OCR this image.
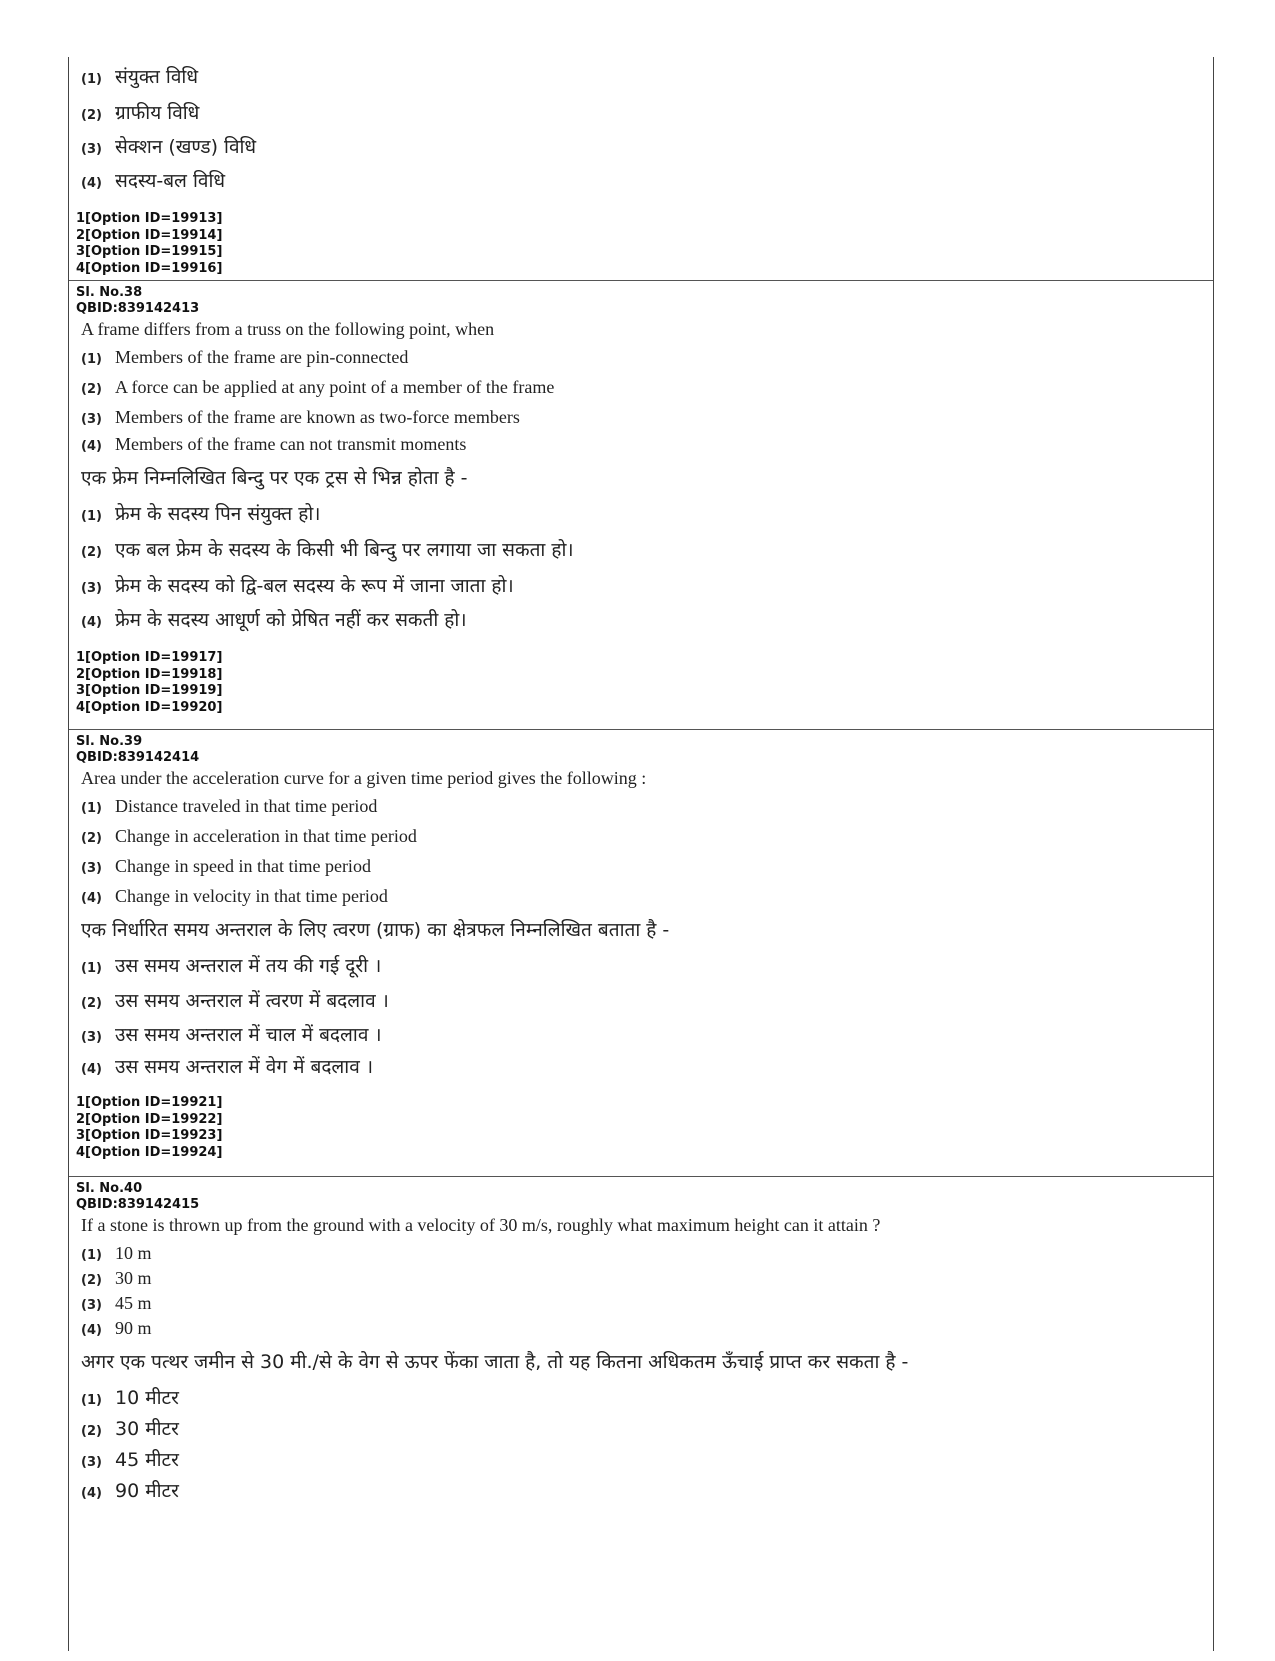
(1) संयुक्त विधि
(2) ग्राफीय विधि
(3) सेक्शन (खण्ड) विधि
(4) सदस्य-बल विधि
1[Option ID=19913]
2[Option ID=19914]
3[Option ID=19915]
4[Option ID=19916]
Sl. No.38
QBID:839142413
A frame differs from a truss on the following point, when
(1) Members of the frame are pin-connected
(2) A force can be applied at any point of a member of the frame
(3) Members of the frame are known as two-force members
(4) Members of the frame can not transmit moments
एक फ्रेम निम्नलिखित बिन्दु पर एक ट्रस से भिन्न होता है -
(1) फ्रेम के सदस्य पिन संयुक्त हो।
(2) एक बल फ्रेम के सदस्य के किसी भी बिन्दु पर लगाया जा सकता हो।
(3) फ्रेम के सदस्य को द्वि-बल सदस्य के रूप में जाना जाता हो।
(4) फ्रेम के सदस्य आधूर्ण को प्रेषित नहीं कर सकती हो।
1[Option ID=19917]
2[Option ID=19918]
3[Option ID=19919]
4[Option ID=19920]
Sl. No.39
QBID:839142414
Area under the acceleration curve for a given time period gives the following :
(1) Distance traveled in that time period
(2) Change in acceleration in that time period
(3) Change in speed in that time period
(4) Change in velocity in that time period
एक निर्धारित समय अन्तराल के लिए त्वरण (ग्राफ) का क्षेत्रफल निम्नलिखित बताता है -
(1) उस समय अन्तराल में तय की गई दूरी ।
(2) उस समय अन्तराल में त्वरण में बदलाव ।
(3) उस समय अन्तराल में चाल में बदलाव ।
(4) उस समय अन्तराल में वेग में बदलाव ।
1[Option ID=19921]
2[Option ID=19922]
3[Option ID=19923]
4[Option ID=19924]
Sl. No.40
QBID:839142415
If a stone is thrown up from the ground with a velocity of 30 m/s, roughly what maximum height can it attain ?
(1) 10 m
(2) 30 m
(3) 45 m
(4) 90 m
अगर एक पत्थर जमीन से 30 मी./से के वेग से ऊपर फेंका जाता है, तो यह कितना अधिकतम ऊँचाई प्राप्त कर सकता है -
(1) 10 मीटर
(2) 30 मीटर
(3) 45 मीटर
(4) 90 मीटर
